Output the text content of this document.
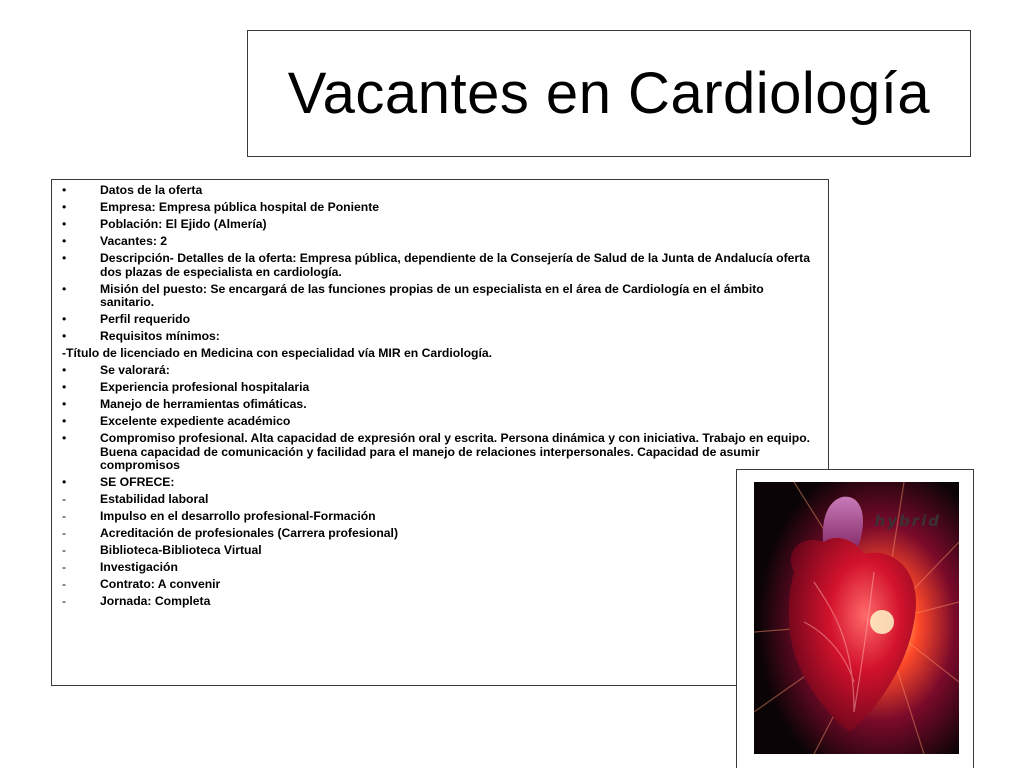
Vacantes en Cardiología
•	Datos de la oferta
•	Empresa: Empresa pública hospital de Poniente
•	Población: El Ejido (Almería)
•	Vacantes: 2
•	Descripción- Detalles de la oferta: Empresa pública, dependiente de la Consejería de Salud de la Junta de Andalucía oferta dos plazas de especialista en cardiología.
•	Misión del puesto: Se encargará de las funciones propias de un especialista en el área de Cardiología en el ámbito sanitario.
•	Perfil requerido
•	Requisitos mínimos:
-Título de licenciado en Medicina con especialidad vía MIR en Cardiología.
•	Se valorará:
•	Experiencia profesional hospitalaria
•	Manejo de herramientas ofimáticas.
•	Excelente expediente académico
•	Compromiso profesional. Alta capacidad de expresión oral y escrita. Persona dinámica y con iniciativa. Trabajo en equipo. Buena capacidad de comunicación y facilidad para el manejo de relaciones interpersonales. Capacidad de asumir compromisos
•	SE OFRECE:
-	Estabilidad laboral
-	Impulso en el desarrollo profesional-Formación
-	Acreditación de profesionales (Carrera profesional)
-	Biblioteca-Biblioteca Virtual
-	Investigación
-	Contrato: A convenir
-	Jornada: Completa
hybrid
